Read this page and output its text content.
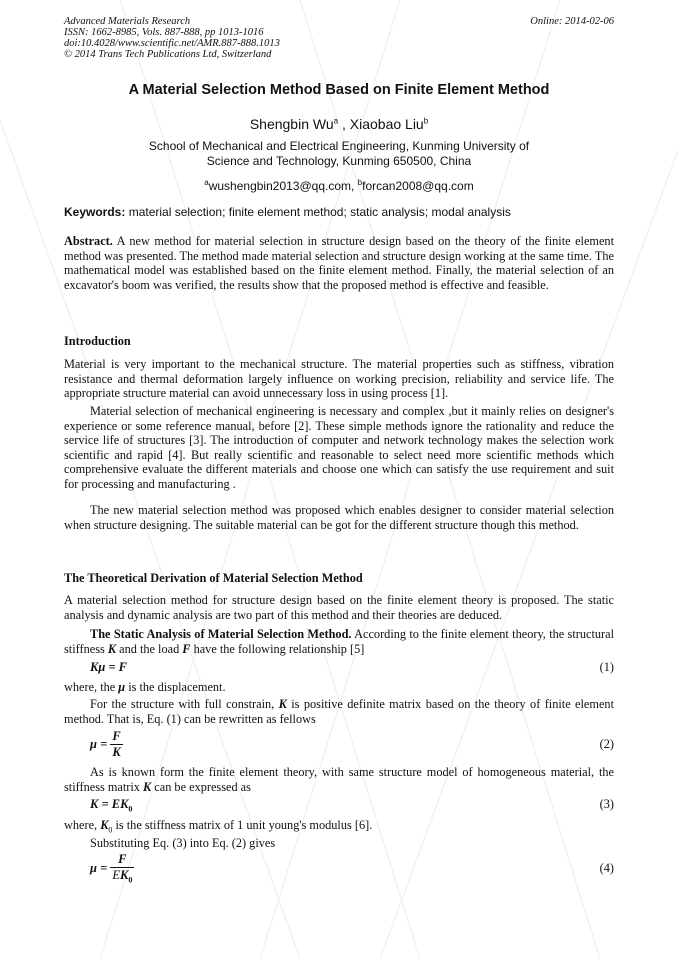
Advanced Materials Research
ISSN: 1662-8985, Vols. 887-888, pp 1013-1016
doi:10.4028/www.scientific.net/AMR.887-888.1013
© 2014 Trans Tech Publications Ltd, Switzerland
Online: 2014-02-06
A Material Selection Method Based on Finite Element Method
Shengbin Wu$^a$ , Xiaobao Liu$^b$
School of Mechanical and Electrical Engineering, Kunming University of
Science and Technology, Kunming 650500, China
$^a$wushengbin2013@qq.com, $^b$forcan2008@qq.com
Keywords: material selection; finite element method; static analysis; modal analysis
Abstract. A new method for material selection in structure design based on the theory of the finite element method was presented. The method made material selection and structure design working at the same time. The mathematical model was established based on the finite element method. Finally, the material selection of an excavator's boom was verified, the results show that the proposed method is effective and feasible.
Introduction
Material is very important to the mechanical structure. The material properties such as stiffness, vibration resistance and thermal deformation largely influence on working precision, reliability and service life. The appropriate structure material can avoid unnecessary loss in using process [1].
Material selection of mechanical engineering is necessary and complex ,but it mainly relies on designer's experience or some reference manual, before [2]. These simple methods ignore the rationality and reduce the service life of structures [3]. The introduction of computer and network technology makes the selection work scientific and rapid [4]. But really scientific and reasonable to select need more scientific methods which comprehensive evaluate the different materials and choose one which can satisfy the use requirement and suit for processing and manufacturing .
The new material selection method was proposed which enables designer to consider material selection when structure designing. The suitable material can be got for the different structure though this method.
The Theoretical Derivation of Material Selection Method
A material selection method for structure design based on the finite element theory is proposed. The static analysis and dynamic analysis are two part of this method and their theories are deduced.
The Static Analysis of Material Selection Method. According to the finite element theory, the structural stiffness K and the load F have the following relationship [5]
Kμ = F	(1)
where, the μ is the displacement.
For the structure with full constrain, K is positive definite matrix based on the theory of finite element method. That is, Eq. (1) can be rewritten as fellows
$\mu = \frac{F}{K}$	(2)
As is known form the finite element theory, with same structure model of homogeneous material, the stiffness matrix K can be expressed as
$K = EK_0$	(3)
where, $K_0$ is the stiffness matrix of 1 unit young's modulus [6].
Substituting Eq. (3) into Eq. (2) gives
$\mu = \frac{F}{EK_0}$	(4)
